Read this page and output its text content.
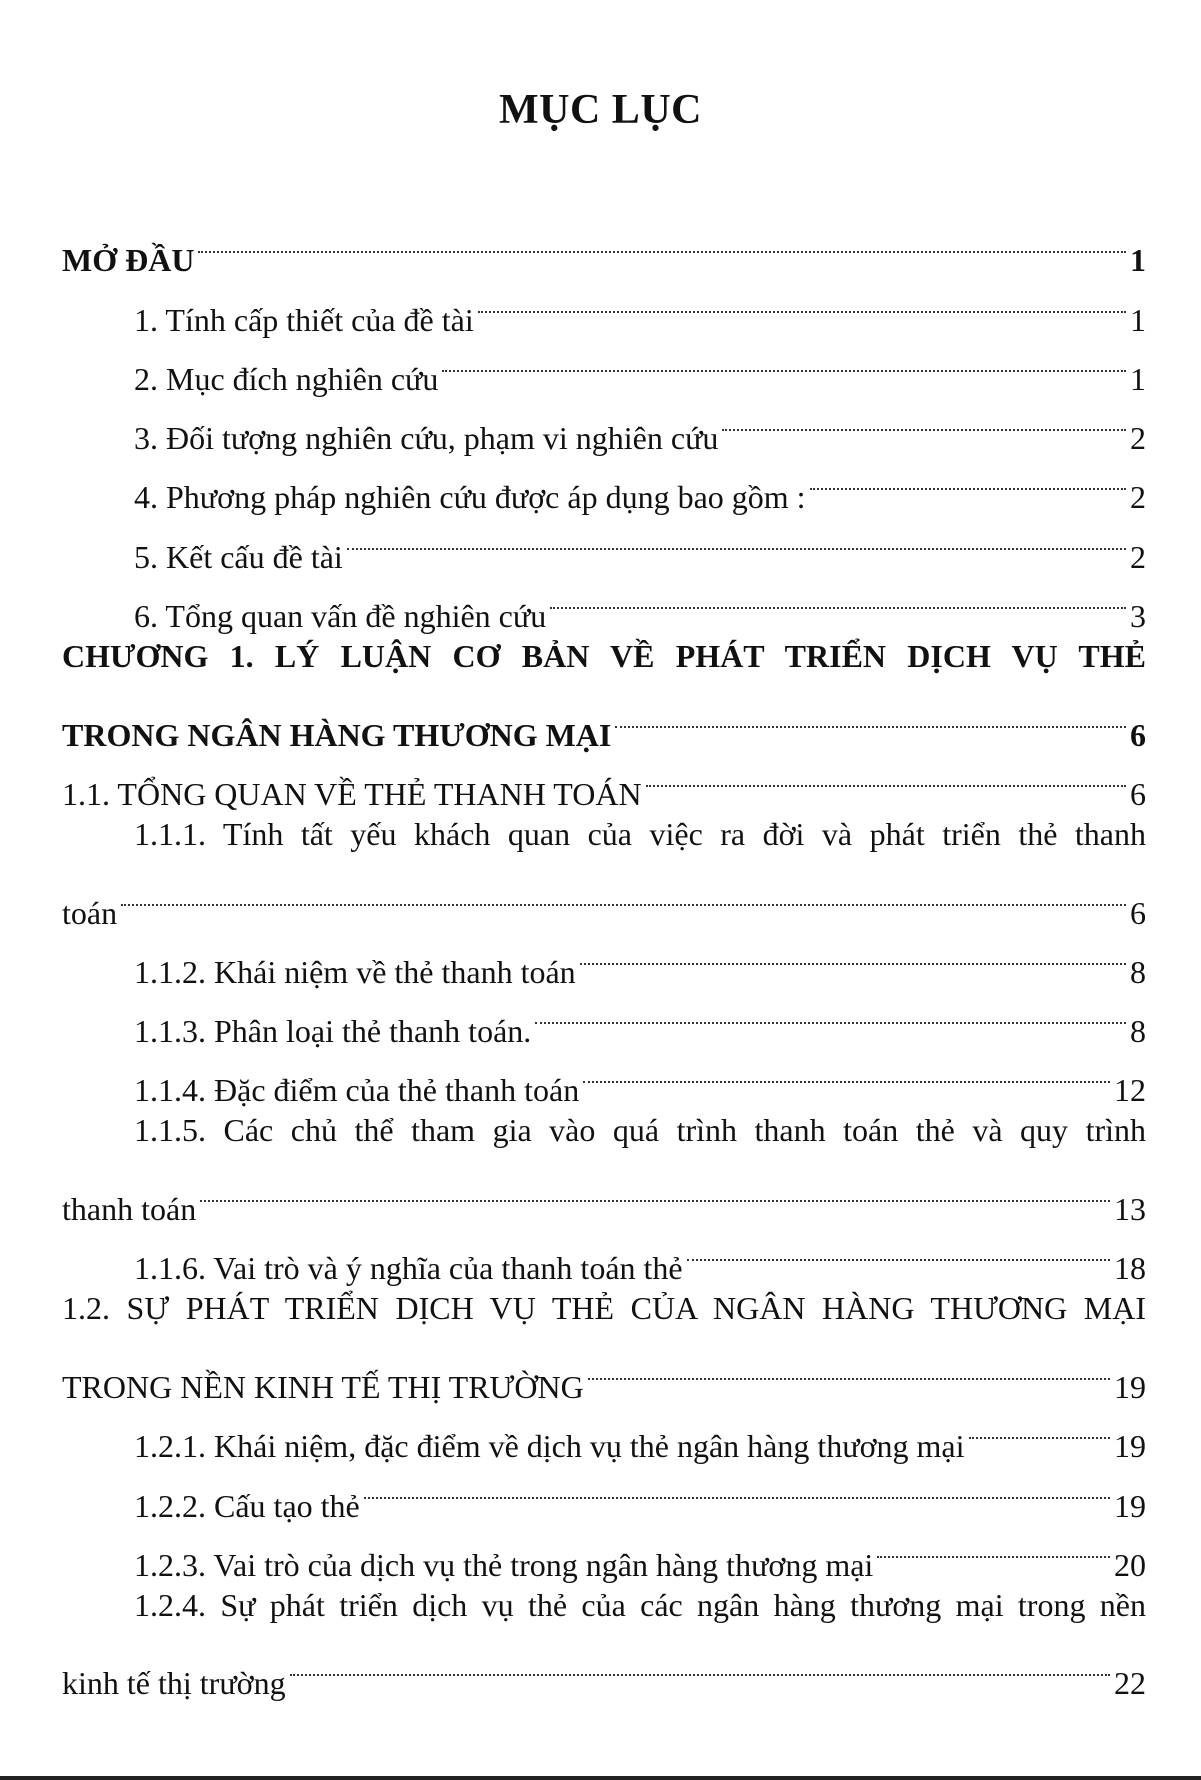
MỤC LỤC
MỞ ĐẦU	1
1. Tính cấp thiết của đề tài	1
2. Mục đích nghiên cứu	1
3. Đối tượng nghiên cứu, phạm vi nghiên cứu	2
4. Phương pháp nghiên cứu được áp dụng bao gồm :	2
5. Kết cấu đề tài	2
6. Tổng quan vấn đề nghiên cứu	3
CHƯƠNG 1. LÝ LUẬN CƠ BẢN VỀ PHÁT TRIỂN DỊCH VỤ THẺ
TRONG NGÂN HÀNG THƯƠNG MẠI	6
1.1. TỔNG QUAN VỀ THẺ THANH TOÁN	6
1.1.1. Tính tất yếu khách quan của việc ra đời và phát triển thẻ thanh
toán	6
1.1.2. Khái niệm về thẻ thanh toán	8
1.1.3. Phân loại thẻ thanh toán.	8
1.1.4. Đặc điểm của thẻ thanh toán	12
1.1.5. Các chủ thể tham gia vào quá trình thanh toán thẻ và quy trình
thanh toán	13
1.1.6. Vai trò và ý nghĩa của thanh toán thẻ	18
1.2. SỰ PHÁT TRIỂN DỊCH VỤ THẺ CỦA NGÂN HÀNG THƯƠNG MẠI
TRONG NỀN KINH TẾ THỊ TRƯỜNG	19
1.2.1. Khái niệm, đặc điểm về dịch vụ thẻ ngân hàng thương mại	19
1.2.2. Cấu tạo thẻ	19
1.2.3. Vai trò của dịch vụ thẻ trong ngân hàng thương mại	20
1.2.4. Sự phát triển dịch vụ thẻ của các ngân hàng thương mại trong nền
kinh tế thị trường	22
